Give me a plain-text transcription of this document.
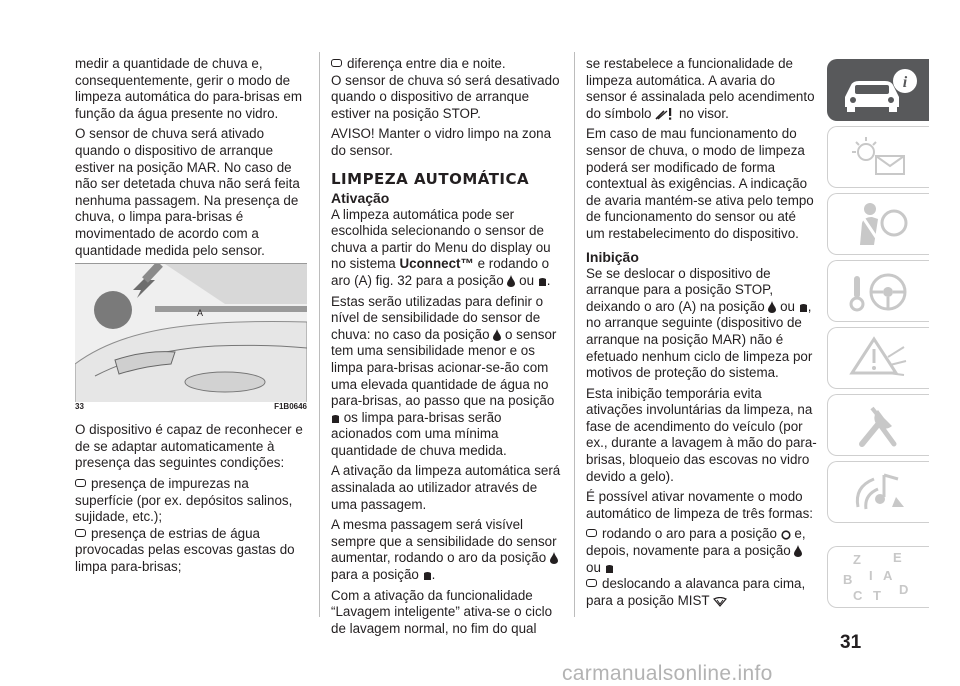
medir a quantidade de chuva e, consequentemente, gerir o modo de limpeza automática do para-brisas em função da água presente no vidro.

O sensor de chuva será ativado quando o dispositivo de arranque estiver na posição MAR. No caso de não ser detetada chuva não será feita nenhuma passagem. Na presença de chuva, o limpa para-brisas é movimentado de acordo com a quantidade medida pelo sensor.

A
33	F1B0646

O dispositivo é capaz de reconhecer e de se adaptar automaticamente à presença das seguintes condições:

presença de impurezas na superfície (por ex. depósitos salinos, sujidade, etc.);

presença de estrias de água provocadas pelas escovas gastas do limpa para-brisas;

diferença entre dia e noite.

O sensor de chuva só será desativado quando o dispositivo de arranque estiver na posição STOP.

AVISO! Manter o vidro limpo na zona do sensor.

LIMPEZA AUTOMÁTICA
Ativação

A limpeza automática pode ser escolhida selecionando o sensor de chuva a partir do Menu do display ou no sistema Uconnect™ e rodando o aro (A) fig. 32 para a posição  ou .

Estas serão utilizadas para definir o nível de sensibilidade do sensor de chuva: no caso da posição  o sensor tem uma sensibilidade menor e os limpa para-brisas acionar-se-ão com uma elevada quantidade de água no para-brisas, ao passo que na posição  os limpa para-brisas serão acionados com uma mínima quantidade de chuva medida.

A ativação da limpeza automática será assinalada ao utilizador através de uma passagem.

A mesma passagem será visível sempre que a sensibilidade do sensor aumentar, rodando o aro da posição  para a posição .

Com a ativação da funcionalidade “Lavagem inteligente” ativa-se o ciclo de lavagem normal, no fim do qual

se restabelece a funcionalidade de limpeza automática. A avaria do sensor é assinalada pelo acendimento do símbolo  no visor.

Em caso de mau funcionamento do sensor de chuva, o modo de limpeza poderá ser modificado de forma contextual às exigências. A indicação de avaria mantém-se ativa pelo tempo de funcionamento do sensor ou até um restabelecimento do dispositivo.

Inibição

Se se deslocar o dispositivo de arranque para a posição STOP, deixando o aro (A) na posição  ou , no arranque seguinte (dispositivo de arranque na posição MAR) não é efetuado nenhum ciclo de limpeza por motivos de proteção do sistema.

Esta inibição temporária evita ativações involuntárias da limpeza, na fase de acendimento do veículo (por ex., durante a lavagem à mão do para-brisas, bloqueio das escovas no vidro devido a gelo).

É possível ativar novamente o modo automático de limpeza de três formas:

rodando o aro para a posição  e, depois, novamente para a posição  ou

deslocando a alavanca para cima, para a posição MIST

i
Z E
B A
C T D
I
31
carmanualsonline.info
